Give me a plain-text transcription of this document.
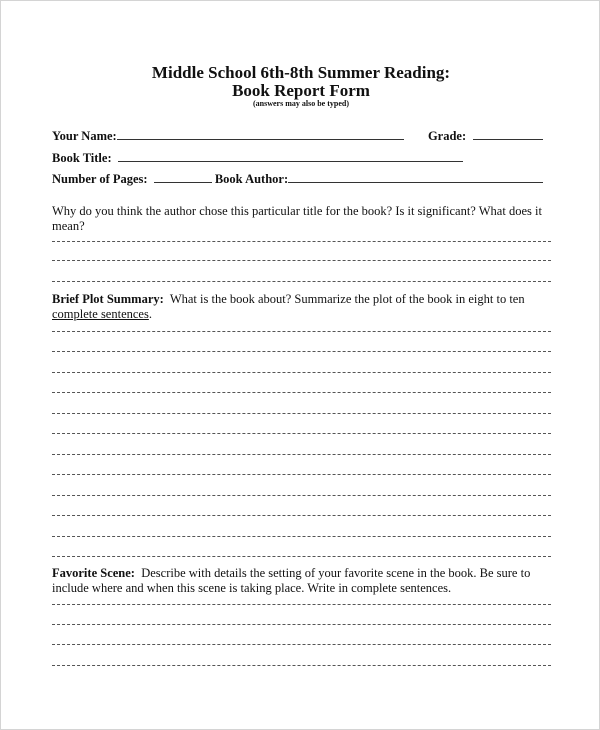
Middle School 6th-8th Summer Reading:
Book Report Form
(answers may also be typed)
Your Name:	Grade:
Book Title:
Number of Pages:	Book Author:
Why do you think the author chose this particular title for the book? Is it significant? What does it mean?
Brief Plot Summary: What is the book about? Summarize the plot of the book in eight to ten complete sentences.
Favorite Scene: Describe with details the setting of your favorite scene in the book. Be sure to include where and when this scene is taking place. Write in complete sentences.
